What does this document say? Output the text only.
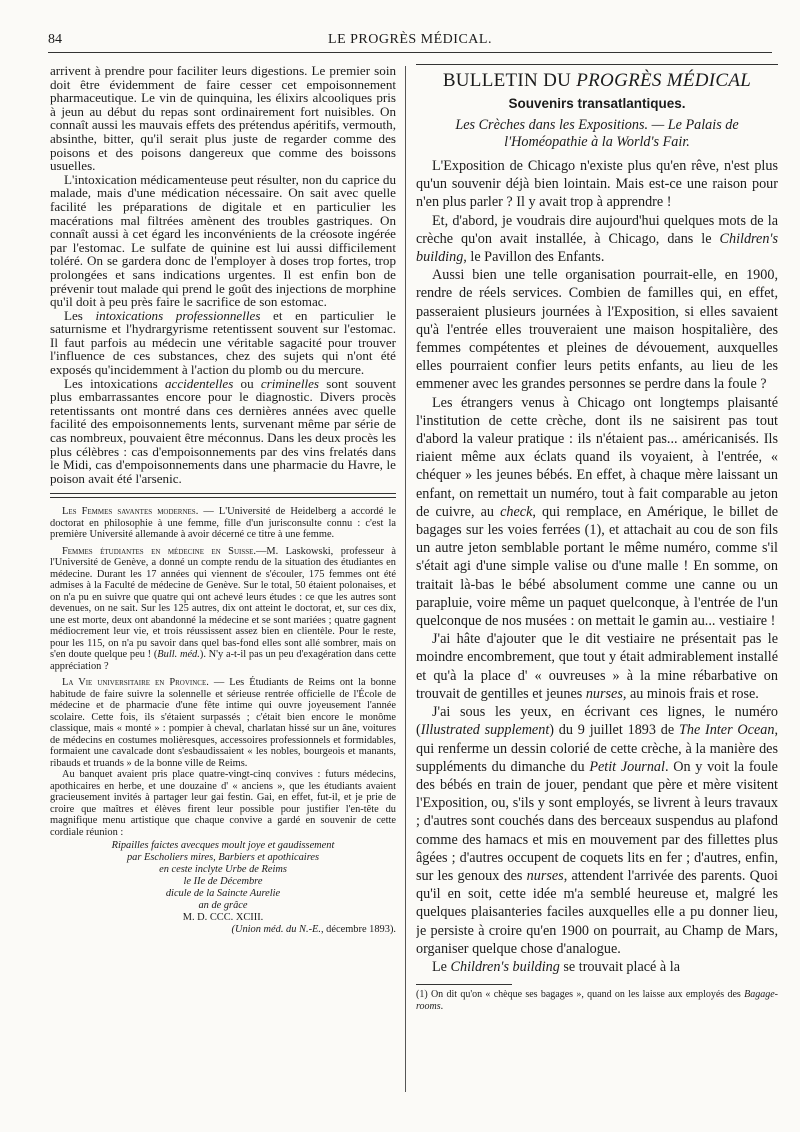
84	LE PROGRÈS MÉDICAL.

arrivent à prendre pour faciliter leurs digestions. Le premier soin doit être évidemment de faire cesser cet empoisonnement pharmaceutique. Le vin de quinquina, les élixirs alcooliques pris à jeun au début du repas sont ordinairement fort nuisibles. On connaît aussi les mauvais effets des prétendus apéritifs, vermouth, absinthe, bitter, qu'il serait plus juste de regarder comme des poisons et des poisons dangereux que comme des boissons usuelles.

L'intoxication médicamenteuse peut résulter, non du caprice du malade, mais d'une médication nécessaire. On sait avec quelle facilité les préparations de digitale et en particulier les macérations mal filtrées amènent des troubles gastriques. On connaît aussi à cet égard les inconvénients de la créosote ingérée par l'estomac. Le sulfate de quinine est lui aussi difficilement toléré. On se gardera donc de l'employer à doses trop fortes, trop prolongées et sans indications urgentes. Il est enfin bon de prévenir tout malade qui prend le goût des injections de morphine qu'il doit à peu près faire le sacrifice de son estomac.

Les intoxications professionnelles et en particulier le saturnisme et l'hydrargyrisme retentissent souvent sur l'estomac. Il faut parfois au médecin une véritable sagacité pour trouver l'influence de ces substances, chez des sujets qui n'ont été exposés qu'incidemment à l'action du plomb ou du mercure.

Les intoxications accidentelles ou criminelles sont souvent plus embarrassantes encore pour le diagnostic. Divers procès retentissants ont montré dans ces dernières années avec quelle facilité des empoisonnements lents, survenant même par série de cas nombreux, pouvaient être méconnus. Dans les deux procès les plus célèbres : cas d'empoisonnements par des vins frelatés dans le Midi, cas d'empoisonnements dans une pharmacie du Havre, le poison avait été l'arsenic.

Les Femmes savantes modernes. — L'Université de Heidelberg a accordé le doctorat en philosophie à une femme, fille d'un jurisconsulte connu : c'est la première Université allemande à avoir décerné ce titre à une femme.

Femmes étudiantes en médecine en Suisse.—M. Laskowski, professeur à l'Université de Genève, a donné un compte rendu de la situation des étudiantes en médecine. Durant les 17 années qui viennent de s'écouler, 175 femmes ont été admises à la Faculté de médecine de Genève. Sur le total, 50 étaient polonaises, et on n'a pu en suivre que quatre qui ont achevé leurs études : ce que les autres sont devenues, on ne sait. Sur les 125 autres, dix ont atteint le doctorat, et, sur ces dix, une est morte, deux ont abandonné la médecine et se sont mariées ; quatre gagnent médiocrement leur vie, et trois réussissent assez bien en clientèle. Pour le reste, pour les 115, on n'a pu savoir dans quel bas-fond elles sont allé sombrer, mais on s'en doute quelque peu ! (Bull. méd.). N'y a-t-il pas un peu d'exagération dans cette appréciation ?

La Vie universitaire en Province. — Les Étudiants de Reims ont la bonne habitude de faire suivre la solennelle et sérieuse rentrée officielle de l'École de médecine et de pharmacie d'une fête intime qui ouvre joyeusement l'année scolaire. Cette fois, ils s'étaient surpassés ; c'était bien encore le monôme classique, mais « monté » : pompier à cheval, charlatan hissé sur un âne, voitures de médecins en costumes molièresques, accessoires professionnels et formidables, formaient une cavalcade dont s'esbaudissaient « les nobles, bourgeois et manants, ribauds et truands » de la bonne ville de Reims.

Au banquet avaient pris place quatre-vingt-cinq convives : futurs médecins, apothicaires en herbe, et une douzaine d' « anciens », que les étudiants avaient gracieusement invités à partager leur gai festin. Gai, en effet, fut-il, et je prie de croire que maîtres et élèves firent leur possible pour justifier l'en-tête du magnifique menu artistique que chaque convive a gardé en souvenir de cette cordiale réunion :

Ripailles faictes avecques moult joye et gaudissement
par Escholiers mires, Barbiers et apothicaires
en ceste inclyte Urbe de Reims
le IIe de Décembre
dicule de la Saincte Aurelie
an de grâce
M. D. CCC. XCIII.
(Union méd. du N.-E., décembre 1893).
BULLETIN DU PROGRÈS MÉDICAL
Souvenirs transatlantiques.
Les Crèches dans les Expositions. — Le Palais de l'Homéopathie à la World's Fair.

L'Exposition de Chicago n'existe plus qu'en rêve, n'est plus qu'un souvenir déjà bien lointain. Mais est-ce une raison pour n'en plus parler ? Il y avait trop à apprendre !

Et, d'abord, je voudrais dire aujourd'hui quelques mots de la crèche qu'on avait installée, à Chicago, dans le Children's building, le Pavillon des Enfants.

Aussi bien une telle organisation pourrait-elle, en 1900, rendre de réels services. Combien de familles qui, en effet, passeraient plusieurs journées à l'Exposition, si elles savaient qu'à l'entrée elles trouveraient une maison hospitalière, des femmes compétentes et pleines de dévouement, auxquelles elles pourraient confier leurs petits enfants, au lieu de les emmener avec les grandes personnes se perdre dans la foule ?

Les étrangers venus à Chicago ont longtemps plaisanté l'institution de cette crèche, dont ils ne saisirent pas tout d'abord la valeur pratique : ils n'étaient pas... américanisés. Ils riaient même aux éclats quand ils voyaient, à l'entrée, « chéquer » les jeunes bébés. En effet, à chaque mère laissant un enfant, on remettait un numéro, tout à fait comparable au jeton de cuivre, au check, qui remplace, en Amérique, le billet de bagages sur les voies ferrées (1), et attachait au cou de son fils un autre jeton semblable portant le même numéro, comme s'il s'était agi d'une simple valise ou d'une malle ! En somme, on traitait là-bas le bébé absolument comme une canne ou un parapluie, voire même un paquet quelconque, à l'entrée de l'un quelconque de nos musées : on mettait le gamin au... vestiaire !

J'ai hâte d'ajouter que le dit vestiaire ne présentait pas le moindre encombrement, que tout y était admirablement installé et qu'à la place d' « ouvreuses » à la mine rébarbative on trouvait de gentilles et jeunes nurses, au minois frais et rose.

J'ai sous les yeux, en écrivant ces lignes, le numéro (Illustrated supplement) du 9 juillet 1893 de The Inter Ocean, qui renferme un dessin colorié de cette crèche, à la manière des suppléments du dimanche du Petit Journal. On y voit la foule des bébés en train de jouer, pendant que père et mère visitent l'Exposition, ou, s'ils y sont employés, se livrent à leurs travaux ; d'autres sont couchés dans des berceaux suspendus au plafond comme des hamacs et mis en mouvement par des fillettes plus âgées ; d'autres occupent de coquets lits en fer ; d'autres, enfin, sur les genoux des nurses, attendent l'arrivée des parents. Quoi qu'il en soit, cette idée m'a semblé heureuse et, malgré les quelques plaisanteries faciles auxquelles elle a pu donner lieu, je persiste à croire qu'en 1900 on pourrait, au Champ de Mars, organiser quelque chose d'analogue.

Le Children's building se trouvait placé à la

(1) On dit qu'on « chèque ses bagages », quand on les laisse aux employés des Bagage-rooms.
